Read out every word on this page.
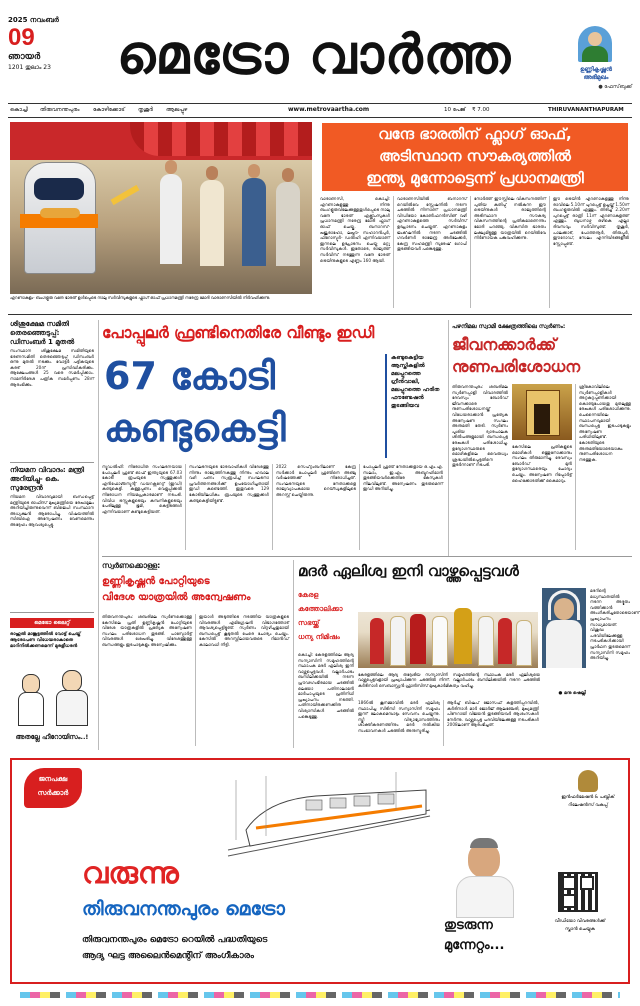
2025 നവംബർ
09
ഞായർ
1201 തുലാം 23	മെട്രോ വാർത്ത	ഉണ്ണികൃഷ്ണൻ
അഭിമുഖം
● ഫേസ്‌ബുക്ക്
കൊച്ചി തിരുവനന്തപുരം കോഴിക്കോട് തൃശൂർ ആലപ്പുഴ	www.metrovaartha.com	10 പേജ് ₹ 7.00	THIRUVANANTHAPURAM
എറണാകുളം- ബംഗളൂരു വന്ദേ ഭാരത് ഉൾപ്പെടെ നാലു സർവീസുകളുടെ ഫ്ലാഗ് ഓഫ് പ്രധാനമന്ത്രി നരേന്ദ്ര മോദി വാരാണസിയിൽ നിർവഹിക്കുന്നു.
വന്ദേ ഭാരതിന് ഫ്ലാഗ് ഓഫ്,
അടിസ്ഥാന സൗകര്യത്തിൽ
ഇന്ത്യ മുന്നോട്ടെന്ന് പ്രധാനമന്ത്രി
വാരാണസി, കൊച്ചി: എറണാകുളത്തു നിന്നു ബംഗളൂരുവിലേക്കുള്ളതുൾപ്പെടെ നാലു വന്ദേ ഭാരത് എക്സ്പ്രസുകൾ പ്രധാനമന്ത്രി നരേന്ദ്ര മോദി ഫ്ലാഗ് ഓഫ് ചെയ്തു. ബനാറസ്- ഖജുരാഹോ, ലഖ്നൗ- സഹാറൻപുർ, ഫിറോസ്പുർ- ഡൽഹി എന്നിവയാണ് ഇന്നലെ ഉദ്ഘാടനം ചെയ്ത മറ്റു സർവീസുകൾ. ഇതോടെ, രാജ്യത്ത് സർവീസ് നടത്തുന്ന വന്ദേ ഭാരത് ട്രെയിനുകളുടെ എണ്ണം 160 ആയി.
വാരാണസിയിൽ ബനാറസ് റെയിൽവേ സ്റ്റേഷനിൽ നടന്ന ചടങ്ങിൽ നിന്നാണ് പ്രധാനമന്ത്രി വിഡിയോ കോൺഫറൻസിങ് വഴി എറണാകുളത്തെ സർവീസ് ഉദ്ഘാടനം ചെയ്തത്. എറണാകുളം ജംക്‌ഷനിൽ നടന്ന ചടങ്ങിൽ ഗവർണർ രാജേന്ദ്ര അർലേക്കർ, കേന്ദ്ര സഹമന്ത്രി സുരേഷ് ഗോപി തുടങ്ങിയവർ പങ്കെടുത്തു.
നോര്‍ത്ത് ഈസ്റ്റിലെ വികസനത്തിന് പുതിയ കുതിപ്പ് നൽകുന്ന ഈ ട്രെയിനുകൾ രാജ്യത്തിന്റെ അടിസ്ഥാന സൗകര്യ വികസനത്തിന്റെ പ്രതീകമാണെന്നും മോദി പറഞ്ഞു. വികസിത ഭാരതം ലക്ഷ്യമിട്ടുള്ള യാത്രയിൽ റെയിൽവേ നിർണായക പങ്കുവഹിക്കുന്നു.
ഈ ട്രെയിൻ എറണാകുളത്തു നിന്നു രാവിലെ 5.10ന് പുറപ്പെട്ട് ഉച്ചയ്ക്ക് 1.50ന് ബംഗളൂരുവിൽ എത്തും. തിരിച്ച് 2.20ന് പുറപ്പെട്ട് രാത്രി 11ന് എറണാകുളത്ത് എത്തും. ബുധനാഴ്ച ഒഴികെ എല്ലാ ദിവസവും സർവീസുണ്ട്. തൃശൂർ, പാലക്കാട്, പോത്തനൂർ, തിരുപ്പൂർ, ഈറോഡ്, സേലം എന്നിവിടങ്ങളിൽ സ്റ്റോപ്പുണ്ട്.
ശിശുക്ഷേമ സമിതി തെരഞ്ഞെടുപ്പ്: ഡിസംബർ 1 മുതൽ
സംസ്ഥാന ശിശുക്ഷേമ സമിതിയുടെ ഭരണസമിതി തെരഞ്ഞെടുപ്പ് ഡിസംബർ ഒന്നു മുതൽ നടക്കും. വോട്ടർ പട്ടികയുടെ കരട് 20ന് പ്രസിദ്ധീകരിക്കും. ആക്ഷേപങ്ങൾ 25 വരെ സമർപ്പിക്കാം. നാമനിർദേശ പത്രിക സമർപ്പണം 28ന് ആരംഭിക്കും.
നിയമന വിവാദം: മന്ത്രി അറിയിച്ചു- കെ. സുരേന്ദ്രൻ
നിയമന വിവാദവുമായി ബന്ധപ്പെട്ട് മന്ത്രിയുടെ ഓഫിസ് മുഖ്യമന്ത്രിയെ രേഖാമൂലം അറിയിച്ചിരുന്നുവെന്ന് ബിജെപി സംസ്ഥാന അധ്യക്ഷൻ ആരോപിച്ചു. വിഷയത്തിൽ സിബിഐ അന്വേഷണം വേണമെന്നും അദ്ദേഹം ആവശ്യപ്പെട്ടു.
മെട്രോ ലൈറ്റ്
രാഹുൽ മാങ്കൂട്ടത്തിൽ വോട്ട് ചെയ്ത് ആരോപണ വിധേയരാകാതെ മാറിനിൽക്കണമെന്ന് മുരളീധരൻ
അതല്ലേ ഹീറോയിസം..!
പോപ്പുലർ ഫ്രണ്ടിനെതിരേ വീണ്ടും ഇഡി
67 കോടി
കണ്ടുകെട്ടി
കണ്ടുകെട്ടിയ ആസ്തികളിൽ മലപ്പുറത്തെ ഗ്രീൻവാലി, മലപ്പുറത്തെ ഹരിത ഫൗണ്ടേഷൻ തുടങ്ങിയവ
ന്യൂഡൽഹി: നിരോധിത സംഘടനയായ പോപ്പുലർ ഫ്രണ്ട് ഓഫ് ഇന്ത്യയുടെ 67.03 കോടി രൂപയുടെ സ്വത്തുക്കൾ എൻഫോഴ്സ്മെന്റ് ഡയറക്റ്ററേറ്റ് (ഇഡി) കണ്ടുകെട്ടി. കള്ളപ്പണം വെളുപ്പിക്കൽ നിരോധന നിയമപ്രകാരമാണ് നടപടി. വിവിധ ട്രസ്റ്റുകളുടെയും കമ്പനികളുടെയും പേരിലുള്ള ഭൂമി, കെട്ടിടങ്ങൾ എന്നിവയാണ് കണ്ടുകെട്ടിയത്.
സംഘടനയുടെ ഭാരവാഹികൾ വിദേശത്തു നിന്നും രാജ്യത്തിനകത്തു നിന്നും ഹവാല വഴി പണം സ്വരൂപിച്ച് സംഘടനാ പ്രവർത്തനങ്ങൾക്ക് ഉപയോഗിച്ചതായി ഇഡി കണ്ടെത്തി. ഇതുവരെ 129 കോടിയിലധികം രൂപയുടെ സ്വത്തുക്കൾ കണ്ടുകെട്ടിയിട്ടുണ്ട്.
2022 സെപ്റ്റംബറിലാണ് കേന്ദ്ര സർക്കാർ പോപ്പുലർ ഫ്രണ്ടിനെ അഞ്ചു വർഷത്തേക്ക് നിരോധിച്ചത്. സംഘടനയുടെ നേതാക്കളെ രാജ്യവ്യാപകമായ റെയ്ഡുകളിലൂടെ അറസ്റ്റ് ചെയ്തിരുന്നു.
പോപ്പുലർ ഫ്രണ്ട് നേതാക്കളായ ഒ.എം.എ. സലാം, ഇ.എം. അബ്ദുറഹിമാൻ തുടങ്ങിയവർക്കെതിരേ കേസുകൾ നിലവിലുണ്ട്. അന്വേഷണം തുടരുമെന്ന് ഇഡി അറിയിച്ചു.
പഴനിമല സ്വാമി ക്ഷേത്രത്തിലെ സ്വർണം:
ജീവനക്കാർക്ക്
നുണപരിശോധന
തിരുവനന്തപുരം: ശബരിമല സ്വർണപ്പാളി വിവാദത്തിൽ ദേവസ്വം ബോർഡ് ജീവനക്കാരെ നുണപരിശോധനയ്ക്ക് വിധേയരാക്കാൻ പ്രത്യേക അന്വേഷണ സംഘം അനുമതി തേടി. സ്വർണം പൂശിയ ദ്വാരപാലക ശിൽപങ്ങളുമായി ബന്ധപ്പെട്ട രേഖകൾ പരിശോധിച്ചു. ഉദ്യോഗസ്ഥരുടെ മൊഴികളിലെ വൈരുധ്യം ശ്രദ്ധയിൽപ്പെട്ടതിനെ തുടർന്നാണ് നടപടി.
കേസിലെ പ്രതികളുടെ മൊഴികൾ ഒത്തുനോക്കാനും സംഘം തീരുമാനിച്ചു. ദേവസ്വം ബോർഡ് മുൻ ഉദ്യോഗസ്ഥരെയും ചോദ്യം ചെയ്യും. അന്വേഷണ റിപ്പോർട്ട് ഹൈക്കോടതിക്ക് കൈമാറും.
ശ്രീകോവിലിലെ സ്വർണപ്പാളികൾ അറ്റകുറ്റപ്പണിക്കായി കൊണ്ടുപോയതു മുതലുള്ള രേഖകൾ പരിശോധിക്കുന്നു. ചെന്നൈയിലെ സ്ഥാപനവുമായി ബന്ധപ്പെട്ട ഇടപാടുകളും അന്വേഷണ പരിധിയിലുണ്ട്. കോടതിയുടെ അനുമതിയോടെയാകും നുണപരിശോധന നടത്തുക.
സ്വർണക്കൊള്ള:
ഉണ്ണികൃഷ്ണൻ പോറ്റിയുടെ
വിദേശ യാത്രയിൽ അന്വേഷണം
തിരുവനന്തപുരം: ശബരിമല സ്വർണക്കൊള്ള കേസിലെ പ്രതി ഉണ്ണികൃഷ്ണൻ പോറ്റിയുടെ വിദേശ യാത്രകളിൽ പ്രത്യേക അന്വേഷണ സംഘം പരിശോധന തുടങ്ങി. പാസ്പോർട്ട് വിവരങ്ങൾ ശേഖരിച്ചു. വിദേശത്തുള്ള ബന്ധങ്ങളും ഇടപാടുകളും അന്വേഷിക്കും.
ഇയാൾ അടുത്തിടെ നടത്തിയ യാത്രകളുടെ വിവരങ്ങൾ എമിഗ്രേഷൻ വിഭാഗത്തോട് ആവശ്യപ്പെട്ടിട്ടുണ്ട്. സ്വർണം വിറ്റഴിച്ചതുമായി ബന്ധപ്പെട്ട് കൂടുതൽ പേരെ ചോദ്യം ചെയ്യും. കേസിൽ അറസ്റ്റിലായവരുടെ റിമാൻഡ് കാലാവധി നീട്ടി.
മദർ ഏലിശ്വ ഇനി വാഴ്ത്തപ്പെട്ടവൾ
കേരള
കത്തോലിക്കാ
സഭയ്ക്ക്
ധന്യ നിമിഷം
കൊച്ചി: കേരളത്തിലെ ആദ്യ സന്യാസിനി സമൂഹത്തിന്റെ സ്ഥാപക മദർ ഏലിശ്വ ഇനി വാഴ്ത്തപ്പെട്ടവൾ. വല്ലാർപാടം ബസിലിക്കയിൽ നടന്ന പ്രൗഢഗംഭീരമായ ചടങ്ങിൽ ലെയോ പതിനാലാമൻ മാർപാപ്പയുടെ പ്രതിനിധി പ്രഖ്യാപനം നടത്തി. പതിനായിരക്കണക്കിനു വിശ്വാസികൾ ചടങ്ങിൽ പങ്കെടുത്തു.
മദറിന്റെ മധ്യസ്ഥതയിൽ നടന്ന അദ്ഭുതം വത്തിക്കാൻ അംഗീകരിച്ചതോടെയാണ് പ്രഖ്യാപനം സാധ്യമായത്. വിശുദ്ധ പദവിയിലേക്കുള്ള നടപടികൾക്കായി പ്രാർഥന തുടരുമെന്ന് സന്യാസിനി സമൂഹം അറിയിച്ചു.
കേരളത്തിലെ ആദ്യ തദ്ദേശീയ സന്യാസിനി സമൂഹത്തിന്റെ സ്ഥാപക മദർ ഏലിശ്വയെ വാഴ്ത്തപ്പെട്ടവളായി പ്രഖ്യാപിക്കുന്ന ചടങ്ങിൽ നിന്ന്. വല്ലാർപാടം ബസിലിക്കയിൽ നടന്ന ചടങ്ങിൽ കർദിനാൾ സെബാസ്റ്റ്യൻ ഫ്രാൻസിസ് മുഖ്യകാർമികത്വം വഹിച്ചു.
● മനു ഷെല്ലി
1866ൽ കൂനമ്മാവിൽ മദർ ഏലിശ്വ സ്ഥാപിച്ച സിടിസി സന്യാസിനി സമൂഹം ഇന്ന് ലോകമെമ്പാടും സേവനം ചെയ്യുന്നു. സ്ത്രീ വിദ്യാഭ്യാസത്തിനും ശാക്തീകരണത്തിനും മദർ നൽകിയ സംഭാവനകൾ ചടങ്ങിൽ അനുസ്മരിച്ചു.
ആർച്ച് ബിഷപ് ജോസഫ് കളത്തിപ്പറമ്പിൽ, കർദിനാൾ മാർ ജോർജ് ആലഞ്ചേരി, മുഖ്യമന്ത്രി പിണറായി വിജയൻ തുടങ്ങിയവർ ആശംസകൾ നേർന്നു. വാഴ്ത്തപ്പെട്ട പദവിയിലേക്കുള്ള നടപടികൾ 2008ലാണ് ആരംഭിച്ചത്.
ജനപക്ഷ
സർക്കാർ
വരുന്നു
തിരുവനന്തപുരം മെട്രോ
തിരുവനന്തപുരം മെട്രോ റെയിൽ പദ്ധതിയുടെ
ആദ്യ ഘട്ട അലൈൻമെന്റിന് അംഗീകാരം
തുടരുന്ന
മുന്നേറ്റം...
ഇൻഫർമേഷൻ & പബ്ലിക്
റിലേഷൻസ് വകുപ്പ്
വീഡിയോ വിവരങ്ങൾക്ക്
സ്കാൻ ചെയ്യുക
